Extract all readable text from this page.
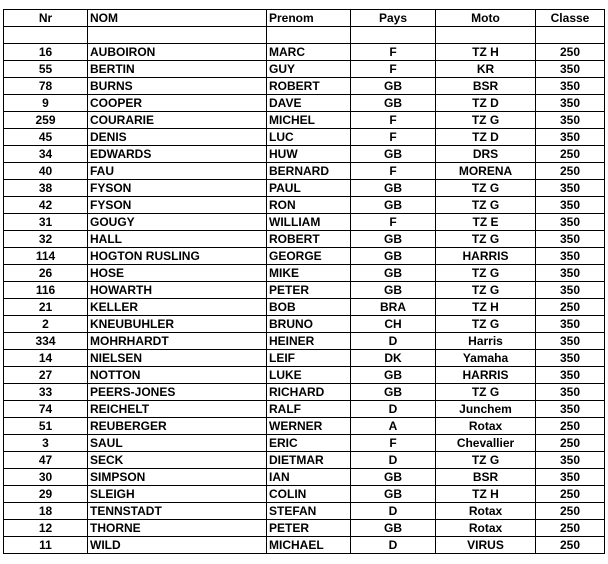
Nr	NOM	Prenom	Pays	Moto	Classe

16	AUBOIRON	MARC	F	TZ H	250
55	BERTIN	GUY	F	KR	350
78	BURNS	ROBERT	GB	BSR	350
9	COOPER	DAVE	GB	TZ D	350
259	COURARIE	MICHEL	F	TZ G	350
45	DENIS	LUC	F	TZ D	350
34	EDWARDS	HUW	GB	DRS	250
40	FAU	BERNARD	F	MORENA	250
38	FYSON	PAUL	GB	TZ G	350
42	FYSON	RON	GB	TZ G	350
31	GOUGY	WILLIAM	F	TZ E	350
32	HALL	ROBERT	GB	TZ G	350
114	HOGTON RUSLING	GEORGE	GB	HARRIS	350
26	HOSE	MIKE	GB	TZ G	350
116	HOWARTH	PETER	GB	TZ G	350
21	KELLER	BOB	BRA	TZ H	250
2	KNEUBUHLER	BRUNO	CH	TZ G	350
334	MOHRHARDT	HEINER	D	Harris	350
14	NIELSEN	LEIF	DK	Yamaha	350
27	NOTTON	LUKE	GB	HARRIS	350
33	PEERS-JONES	RICHARD	GB	TZ G	350
74	REICHELT	RALF	D	Junchem	350
51	REUBERGER	WERNER	A	Rotax	250
3	SAUL	ERIC	F	Chevallier	250
47	SECK	DIETMAR	D	TZ G	350
30	SIMPSON	IAN	GB	BSR	350
29	SLEIGH	COLIN	GB	TZ H	250
18	TENNSTADT	STEFAN	D	Rotax	250
12	THORNE	PETER	GB	Rotax	250
11	WILD	MICHAEL	D	VIRUS	250
